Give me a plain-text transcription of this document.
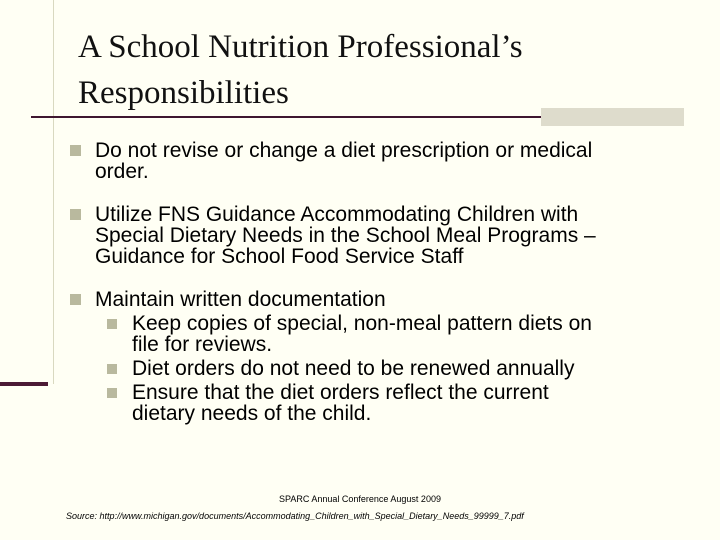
A School Nutrition Professional’s
Responsibilities
Do not revise or change a diet prescription or medical
order.
Utilize FNS Guidance Accommodating Children with
Special Dietary Needs in the School Meal Programs –
Guidance for School Food Service Staff
Maintain written documentation
Keep copies of special, non-meal pattern diets on
file for reviews.
Diet orders do not need to be renewed annually
Ensure that the diet orders reflect the current
dietary needs of the child.
SPARC Annual Conference August 2009
Source: http://www.michigan.gov/documents/Accommodating_Children_with_Special_Dietary_Needs_99999_7.pdf
